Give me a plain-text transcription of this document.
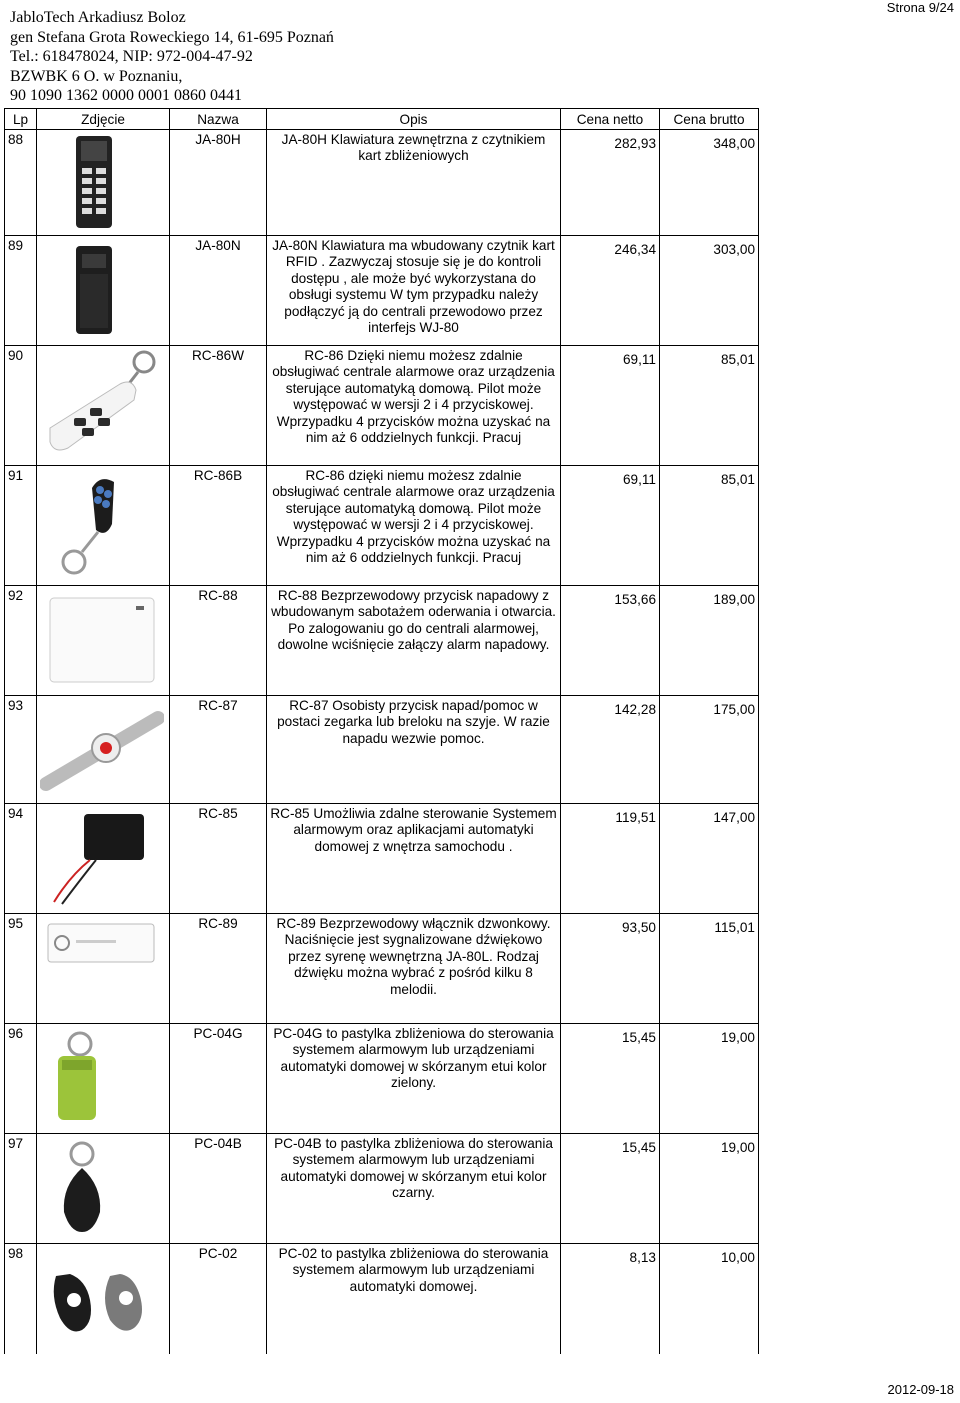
JabloTech Arkadiusz Boloz
gen Stefana Grota Roweckiego 14, 61-695 Poznań
Tel.: 618478024, NIP: 972-004-47-92
BZWBK 6 O. w Poznaniu,
90 1090 1362 0000 0001 0860 0441
Strona 9/24
Lp	Zdjęcie	Nazwa	Opis	Cena netto	Cena brutto
88		JA-80H	JA-80H Klawiatura zewnętrzna z czytnikiem kart zbliżeniowych	282,93	348,00
89		JA-80N	JA-80N Klawiatura ma wbudowany czytnik kart RFID . Zazwyczaj stosuje się je do kontroli dostępu , ale może być wykorzystana do obsługi systemu W tym przypadku należy podłączyć ją do centrali przewodowo przez interfejs WJ-80	246,34	303,00
90		RC-86W	RC-86 Dzięki niemu możesz zdalnie obsługiwać centrale alarmowe oraz urządzenia sterujące automatyką domową. Pilot może występować w wersji 2 i 4 przyciskowej. Wprzypadku 4 przycisków można uzyskać na nim aż 6 oddzielnych funkcji. Pracuj	69,11	85,01
91		RC-86B	RC-86 dzięki niemu możesz zdalnie obsługiwać centrale alarmowe oraz urządzenia sterujące automatyką domową. Pilot może występować w wersji 2 i 4 przyciskowej. Wprzypadku 4 przycisków można uzyskać na nim aż 6 oddzielnych funkcji. Pracuj	69,11	85,01
92		RC-88	RC-88 Bezprzewodowy przycisk napadowy z wbudowanym sabotażem oderwania i otwarcia. Po zalogowaniu go do centrali alarmowej, dowolne wciśnięcie załączy alarm napadowy.	153,66	189,00
93		RC-87	RC-87 Osobisty przycisk napad/pomoc w postaci zegarka lub breloku na szyje. W razie napadu wezwie pomoc.	142,28	175,00
94		RC-85	RC-85 Umożliwia zdalne sterowanie Systemem alarmowym oraz aplikacjami automatyki domowej z wnętrza samochodu .	119,51	147,00
95		RC-89	RC-89 Bezprzewodowy włącznik dzwonkowy. Naciśnięcie jest sygnalizowane dźwiękowo przez syrenę wewnętrzną JA-80L. Rodzaj dźwięku można wybrać z pośród kilku 8 melodii.	93,50	115,01
96		PC-04G	PC-04G to pastylka zbliżeniowa do sterowania systemem alarmowym lub urządzeniami automatyki domowej w skórzanym etui kolor zielony.	15,45	19,00
97		PC-04B	PC-04B to pastylka zbliżeniowa do sterowania systemem alarmowym lub urządzeniami automatyki domowej w skórzanym etui kolor czarny.	15,45	19,00
98		PC-02	PC-02 to pastylka zbliżeniowa do sterowania systemem alarmowym lub urządzeniami automatyki domowej.	8,13	10,00

2012-09-18
